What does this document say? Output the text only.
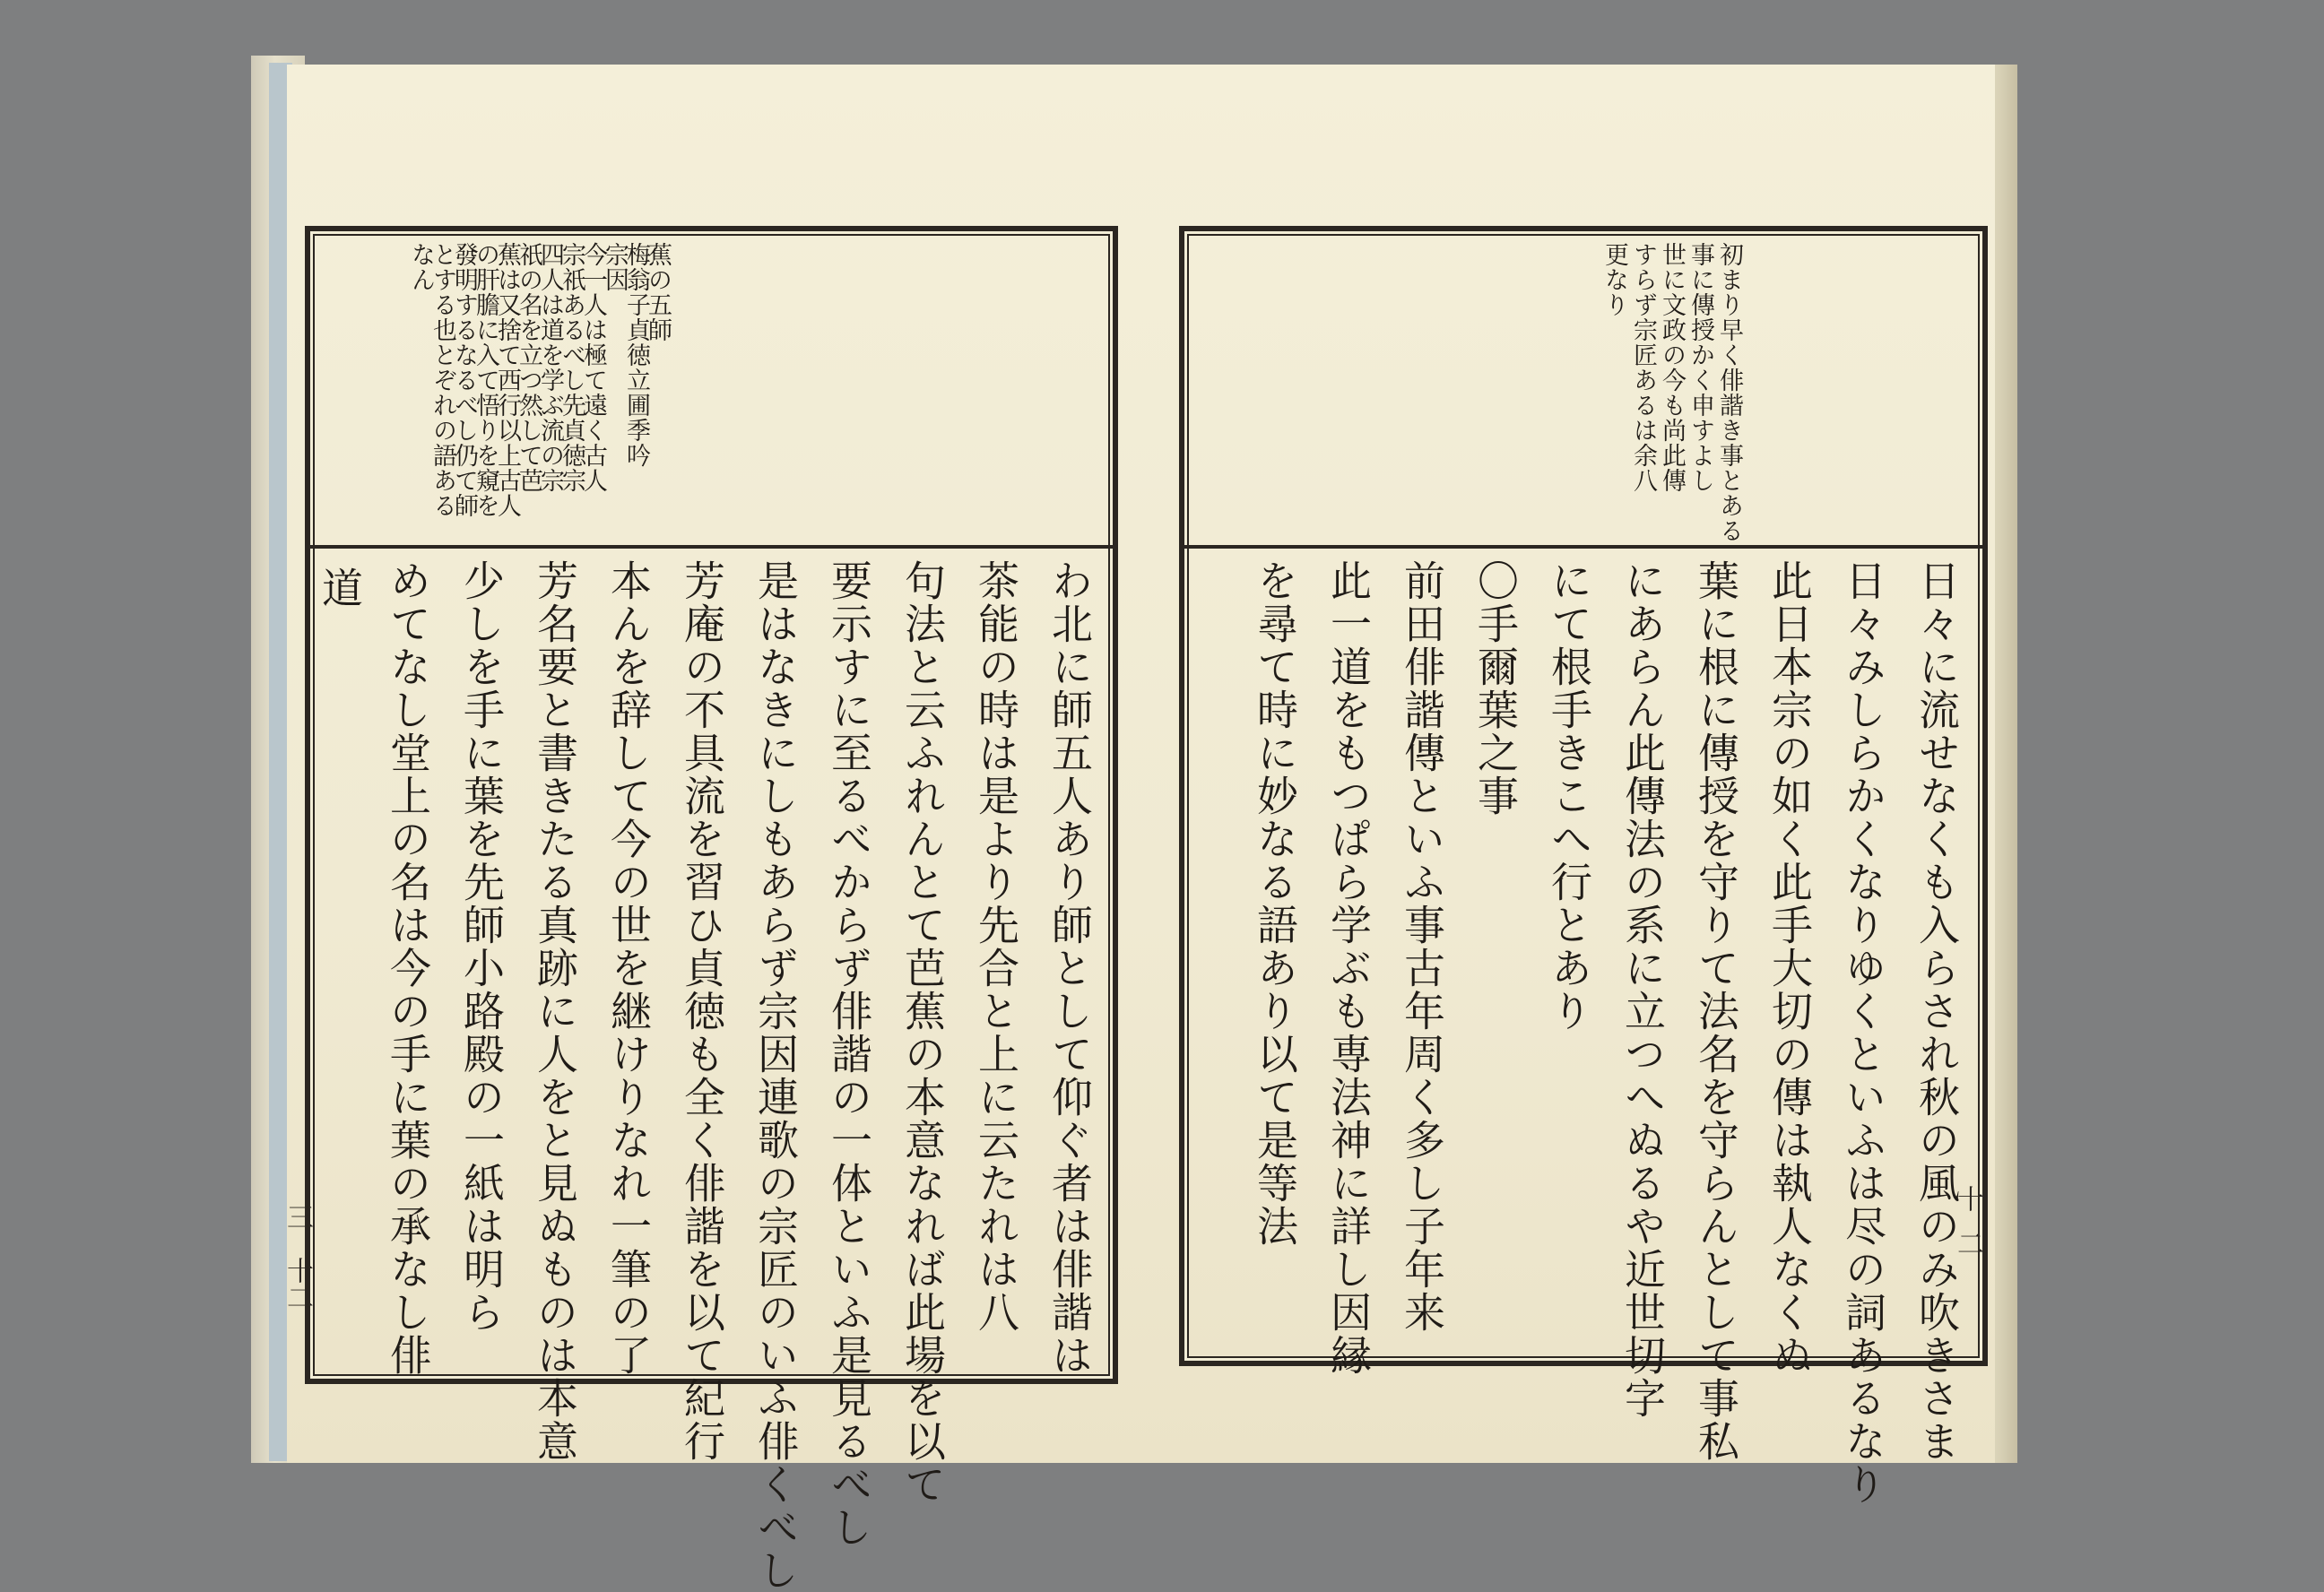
蕉の五師
梅翁子貞徳立圃季吟
宗因
今一人は極て遠く古人
宗祇あるべし先貞徳宗
四人は道を学ぶ流の宗
祇の名を立つ然して芭
蕉は又捨て西行以上古人
の肝膽に入て悟りを窺を
發明するなるべし仍て師
とする也とぞれの語ある
なん
わ北に師五人あり師として仰ぐ者は俳諧は
茶能の時は是より先合と上に云たれは八
句法と云ふれんとて芭蕉の本意なれば此場を以て
要示すに至るべからず俳諧の一体といふ是見るべし
是はなきにしもあらず宗因連歌の宗匠のいふ俳くべし
芳庵の不具流を習ひ貞徳も全く俳諧を以て紀行
本んを辞して今の世を継けりなれ一筆の了
芳名要と書きたる真跡に人をと見ぬものは本意
少しを手に葉を先師小路殿の一紙は明ら
めてなし堂上の名は今の手に葉の承なし俳
道
三
十二
初まり早く俳諧き事とある
事に傳授かく申すよし
世に文政の今も尚此傳
すらず宗匠あるは余八
更なり
日々に流せなくも入らされ秋の風のみ吹きさま
日々みしらかくなりゆくといふは尽の詞あるなり
此日本宗の如く此手大切の傳は執人なくぬ
葉に根に傳授を守りて法名を守らんとして事私
にあらん此傳法の系に立つへぬるや近世切字
にて根手きこへ行とあり
〇手爾葉之事
前田俳諧傳といふ事古年周く多し子年来
此一道をもつぱら学ぶも専法神に詳し因縁
を尋て時に妙なる語あり以て是等法	十
二
